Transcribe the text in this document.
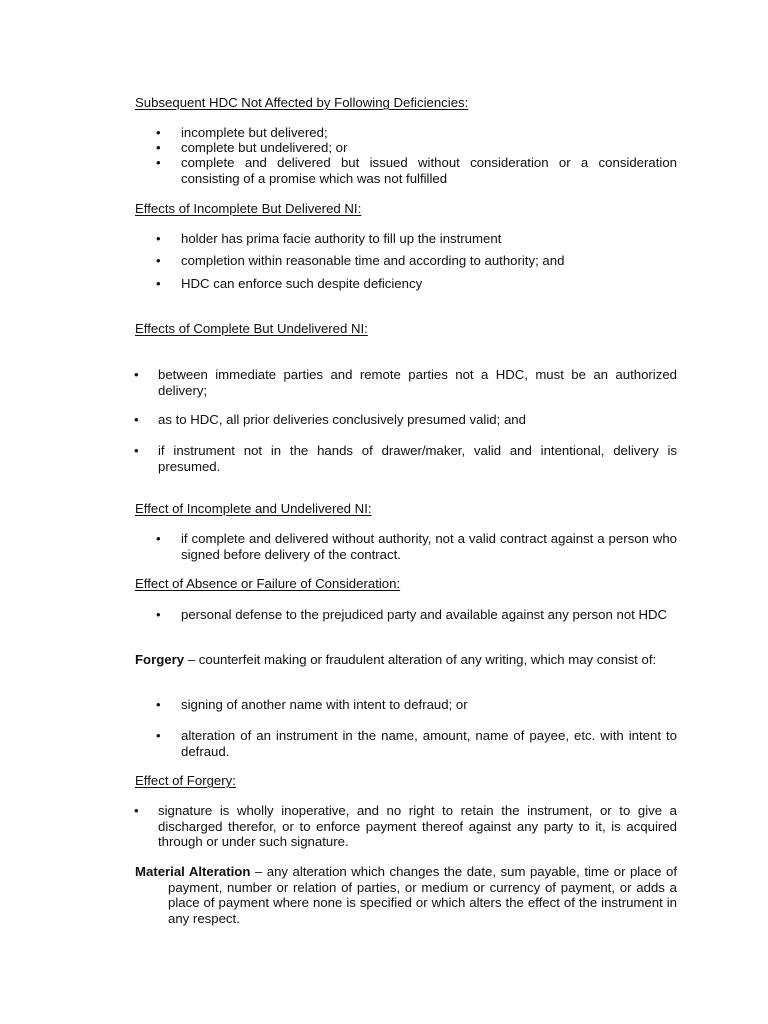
Subsequent HDC Not Affected by Following Deficiencies:
• incomplete but delivered;
• complete but undelivered; or
• complete and delivered but issued without consideration or a consideration consisting of a promise which was not fulfilled
Effects of Incomplete But Delivered NI:
• holder has prima facie authority to fill up the instrument
• completion within reasonable time and according to authority; and
• HDC can enforce such despite deficiency
Effects of Complete But Undelivered NI:
• between immediate parties and remote parties not a HDC, must be an authorized delivery;
• as to HDC, all prior deliveries conclusively presumed valid; and
• if instrument not in the hands of drawer/maker, valid and intentional, delivery is presumed.
Effect of Incomplete and Undelivered NI:
• if complete and delivered without authority, not a valid contract against a person who signed before delivery of the contract.
Effect of Absence or Failure of Consideration:
• personal defense to the prejudiced party and available against any person not HDC
Forgery – counterfeit making or fraudulent alteration of any writing, which may consist of:
• signing of another name with intent to defraud; or
• alteration of an instrument in the name, amount, name of payee, etc. with intent to defraud.
Effect of Forgery:
• signature is wholly inoperative, and no right to retain the instrument, or to give a discharged therefor, or to enforce payment thereof against any party to it, is acquired through or under such signature.
Material Alteration – any alteration which changes the date, sum payable, time or place of payment, number or relation of parties, or medium or currency of payment, or adds a place of payment where none is specified or which alters the effect of the instrument in any respect.
